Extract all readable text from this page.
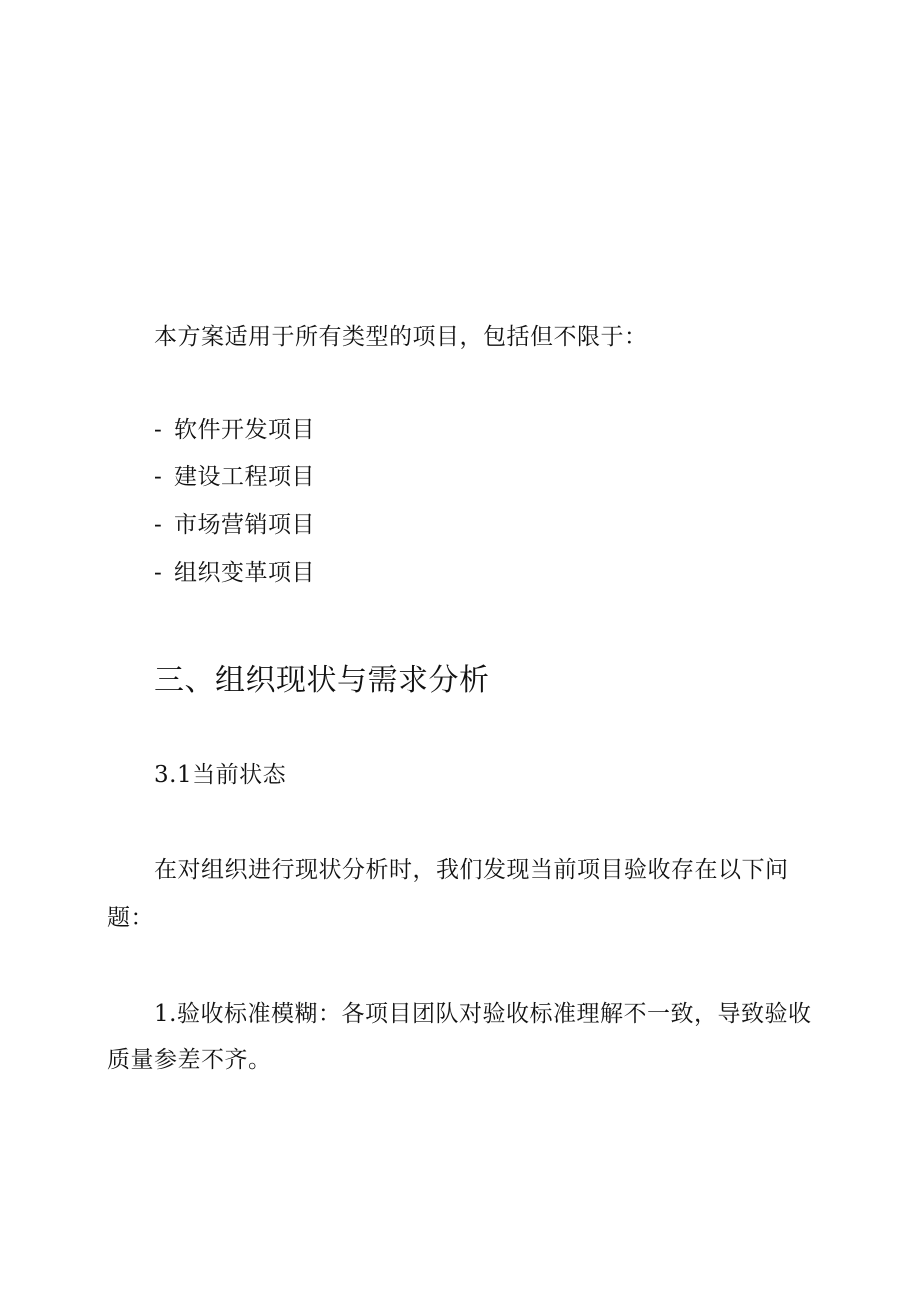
本方案适用于所有类型的项目，包括但不限于：
- 软件开发项目
- 建设工程项目
- 市场营销项目
- 组织变革项目
三、组织现状与需求分析
3.1当前状态
在对组织进行现状分析时，我们发现当前项目验收存在以下问
题：
1.验收标准模糊：各项目团队对验收标准理解不一致，导致验收
质量参差不齐。
